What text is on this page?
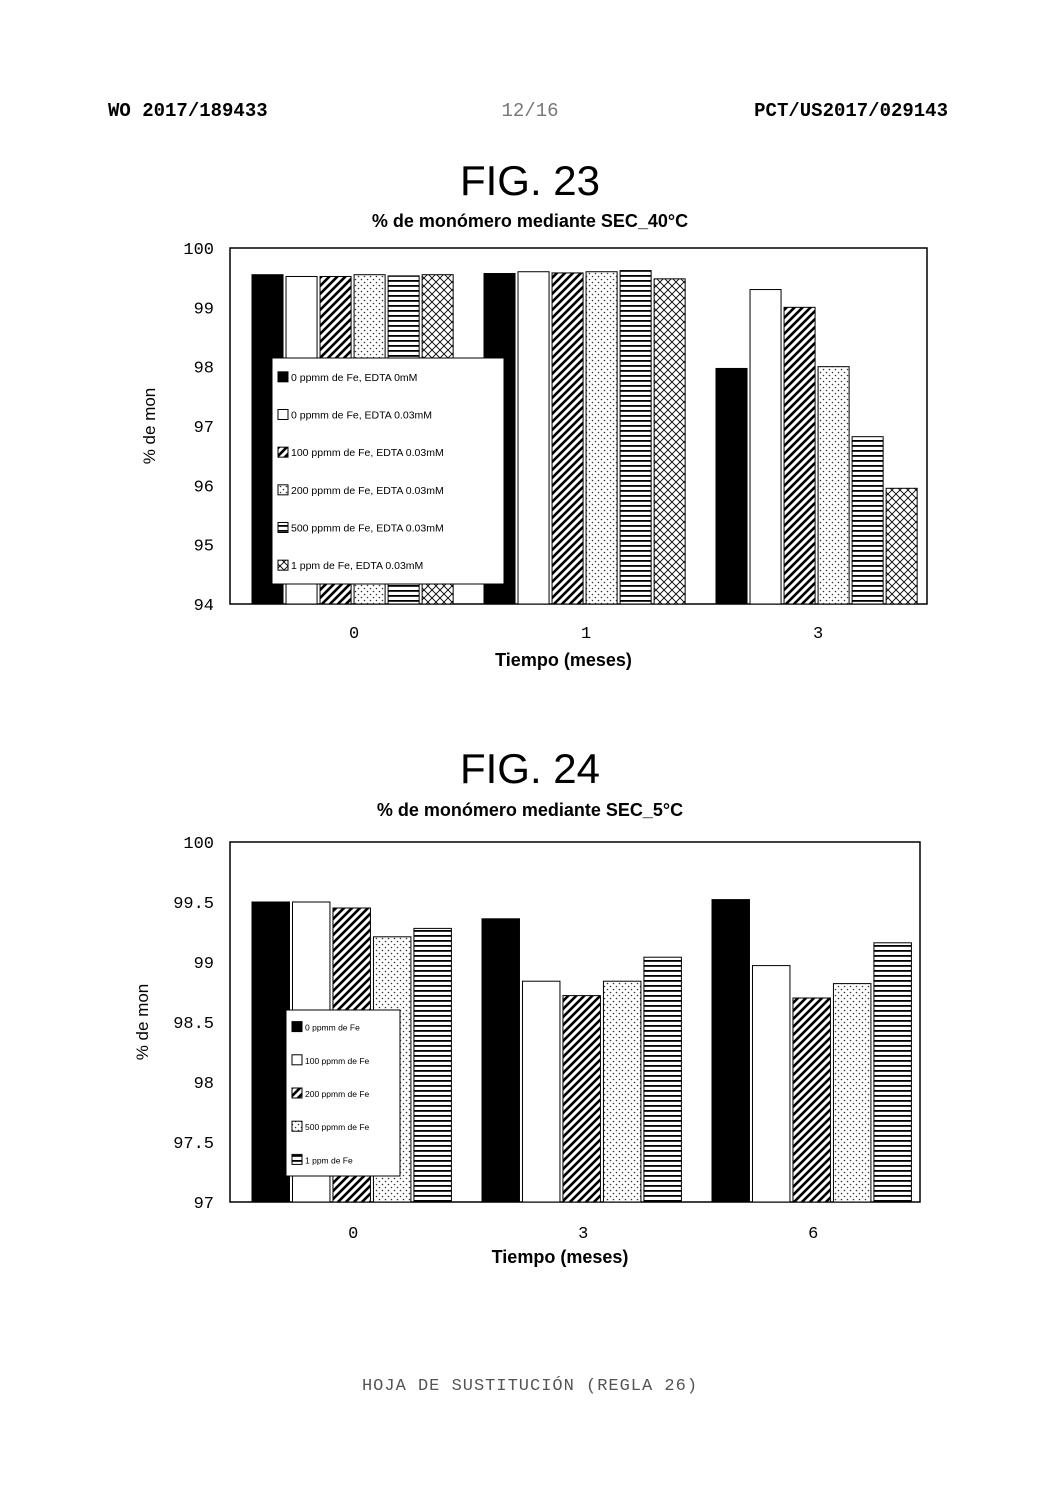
WO 2017/189433	12/16	PCT/US2017/029143
FIG. 23
% de monómero mediante SEC_40°C
94
95
96
97
98
99
100
0	1	3
Tiempo (meses)
% de mon
0 ppmm de Fe, EDTA 0mM
0 ppmm de Fe, EDTA 0.03mM
100 ppmm de Fe, EDTA 0.03mM
200 ppmm de Fe, EDTA 0.03mM
500 ppmm de Fe, EDTA 0.03mM
1 ppm de Fe, EDTA 0.03mM
FIG. 24
% de monómero mediante SEC_5°C
97
97.5
98
98.5
99
99.5
100
0	3	6
Tiempo (meses)
% de mon	0 ppmm de Fe
100 ppmm de Fe
200 ppmm de Fe
500 ppmm de Fe
1 ppm de Fe
HOJA DE SUSTITUCIÓN (REGLA 26)
